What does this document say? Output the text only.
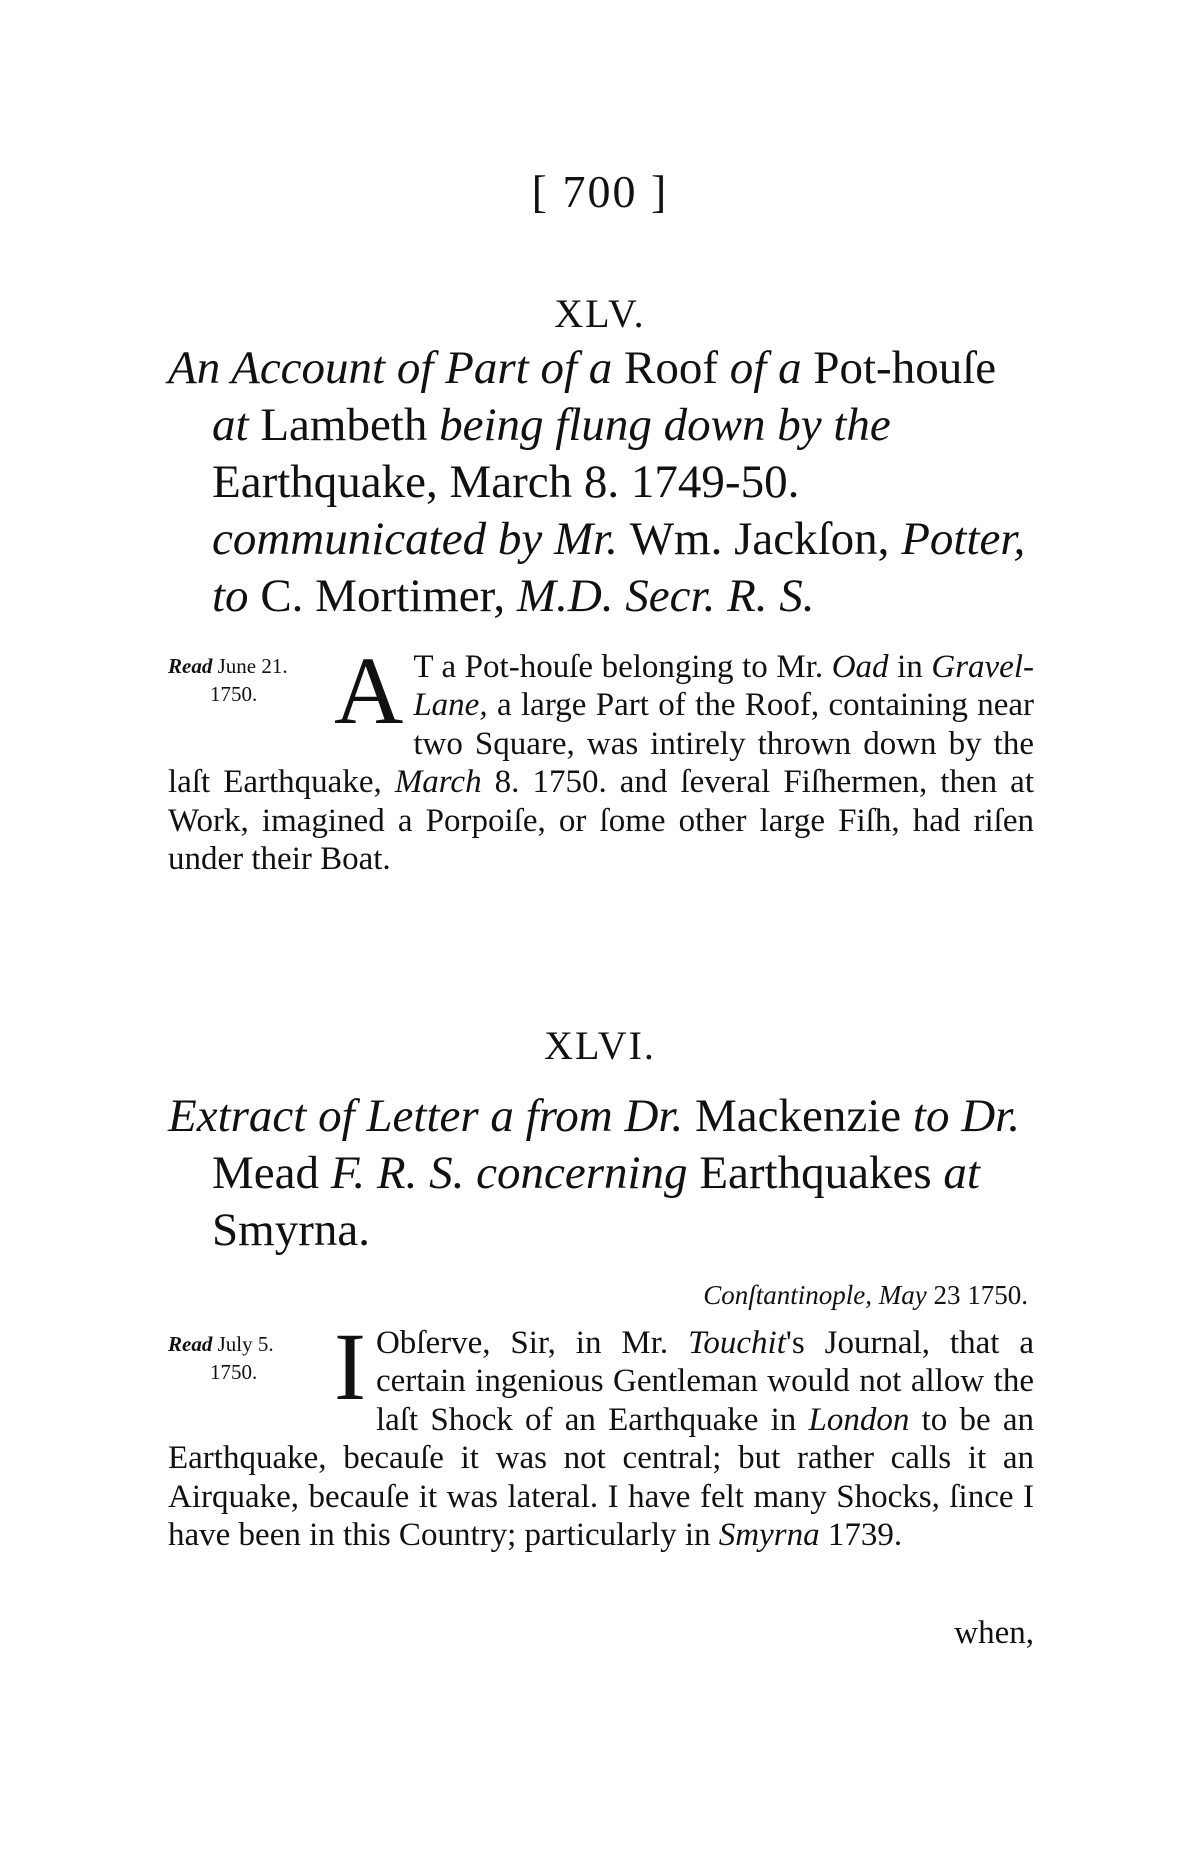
[ 700 ]
XLV.
An Account of Part of a Roof of a Pot-houſe at Lambeth being flung down by the Earthquake, March 8. 1749-50. communicated by Mr. Wm. Jackſon, Potter, to C. Mortimer, M.D. Secr. R. S.
A T a Pot-houſe belonging to Mr. Oad in Gravel-Lane, a large Part of the Roof, containing near two Square, was intirely thrown down by the laſt Earthquake, March 8. 1750. and ſeveral Fiſhermen, then at Work, imagined a Porpoiſe, or ſome other large Fiſh, had riſen under their Boat.
Read June 21.
1750.
XLVI.
Extract of Letter a from Dr. Mackenzie to Dr. Mead F. R. S. concerning Earthquakes at Smyrna.
Conſtantinople, May 23 1750.
I Obſerve, Sir, in Mr. Touchit's Journal, that a certain ingenious Gentleman would not allow the laſt Shock of an Earthquake in London to be an Earthquake, becauſe it was not central; but rather calls it an Airquake, becauſe it was lateral. I have felt many Shocks, ſince I have been in this Country; particularly in Smyrna 1739.
Read July 5.
1750.
when,
